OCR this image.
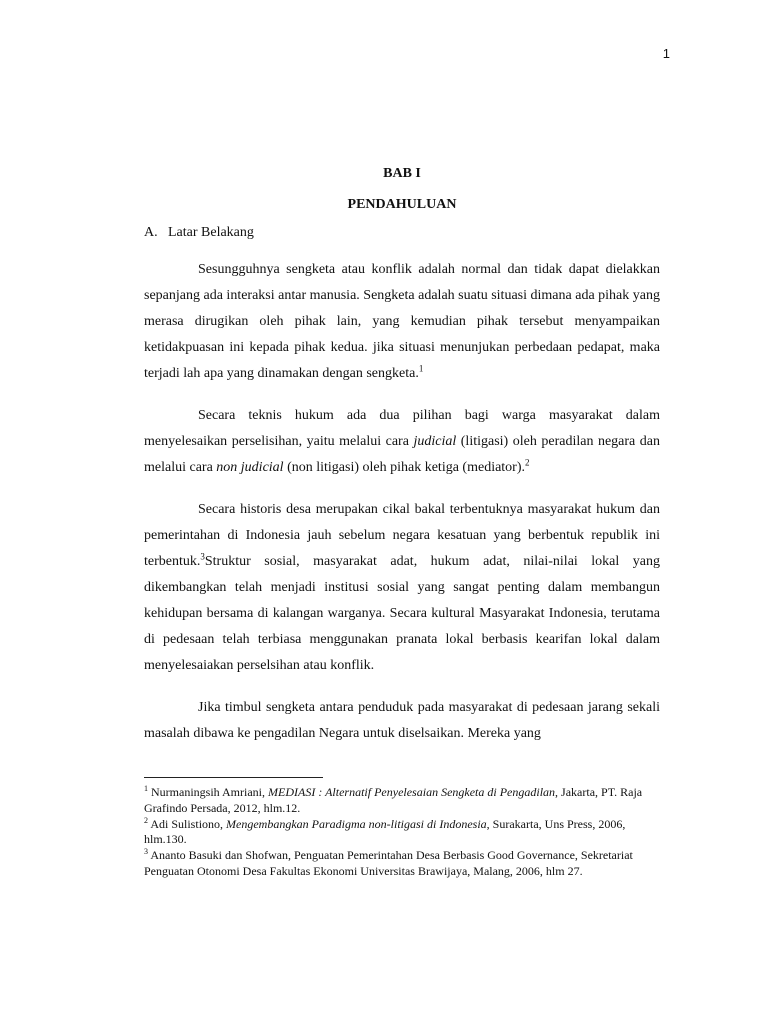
1
BAB I
PENDAHULUAN
A. Latar Belakang

Sesungguhnya sengketa atau konflik adalah normal dan tidak dapat dielakkan sepanjang ada interaksi antar manusia. Sengketa adalah suatu situasi dimana ada pihak yang merasa dirugikan oleh pihak lain, yang kemudian pihak tersebut menyampaikan ketidakpuasan ini kepada pihak kedua. jika situasi menunjukan perbedaan pedapat, maka terjadi lah apa yang dinamakan dengan sengketa.$^1$

Secara teknis hukum ada dua pilihan bagi warga masyarakat dalam menyelesaikan perselisihan, yaitu melalui cara judicial (litigasi) oleh peradilan negara dan melalui cara non judicial (non litigasi) oleh pihak ketiga (mediator).$^2$

Secara historis desa merupakan cikal bakal terbentuknya masyarakat hukum dan pemerintahan di Indonesia jauh sebelum negara kesatuan yang berbentuk republik ini terbentuk.$^3$Struktur sosial, masyarakat adat, hukum adat, nilai-nilai lokal yang dikembangkan telah menjadi institusi sosial yang sangat penting dalam membangun kehidupan bersama di kalangan warganya. Secara kultural Masyarakat Indonesia, terutama di pedesaan telah terbiasa menggunakan pranata lokal berbasis kearifan lokal dalam menyelesaiakan perselsihan atau konflik.

Jika timbul sengketa antara penduduk pada masyarakat di pedesaan jarang sekali masalah dibawa ke pengadilan Negara untuk diselsaikan. Mereka yang

$^1$ Nurmaningsih Amriani, MEDIASI : Alternatif Penyelesaian Sengketa di Pengadilan, Jakarta, PT. Raja Grafindo Persada, 2012, hlm.12.
$^2$ Adi Sulistiono, Mengembangkan Paradigma non-litigasi di Indonesia, Surakarta, Uns Press, 2006, hlm.130.
$^3$ Ananto Basuki dan Shofwan, Penguatan Pemerintahan Desa Berbasis Good Governance, Sekretariat Penguatan Otonomi Desa Fakultas Ekonomi Universitas Brawijaya, Malang, 2006, hlm 27.
